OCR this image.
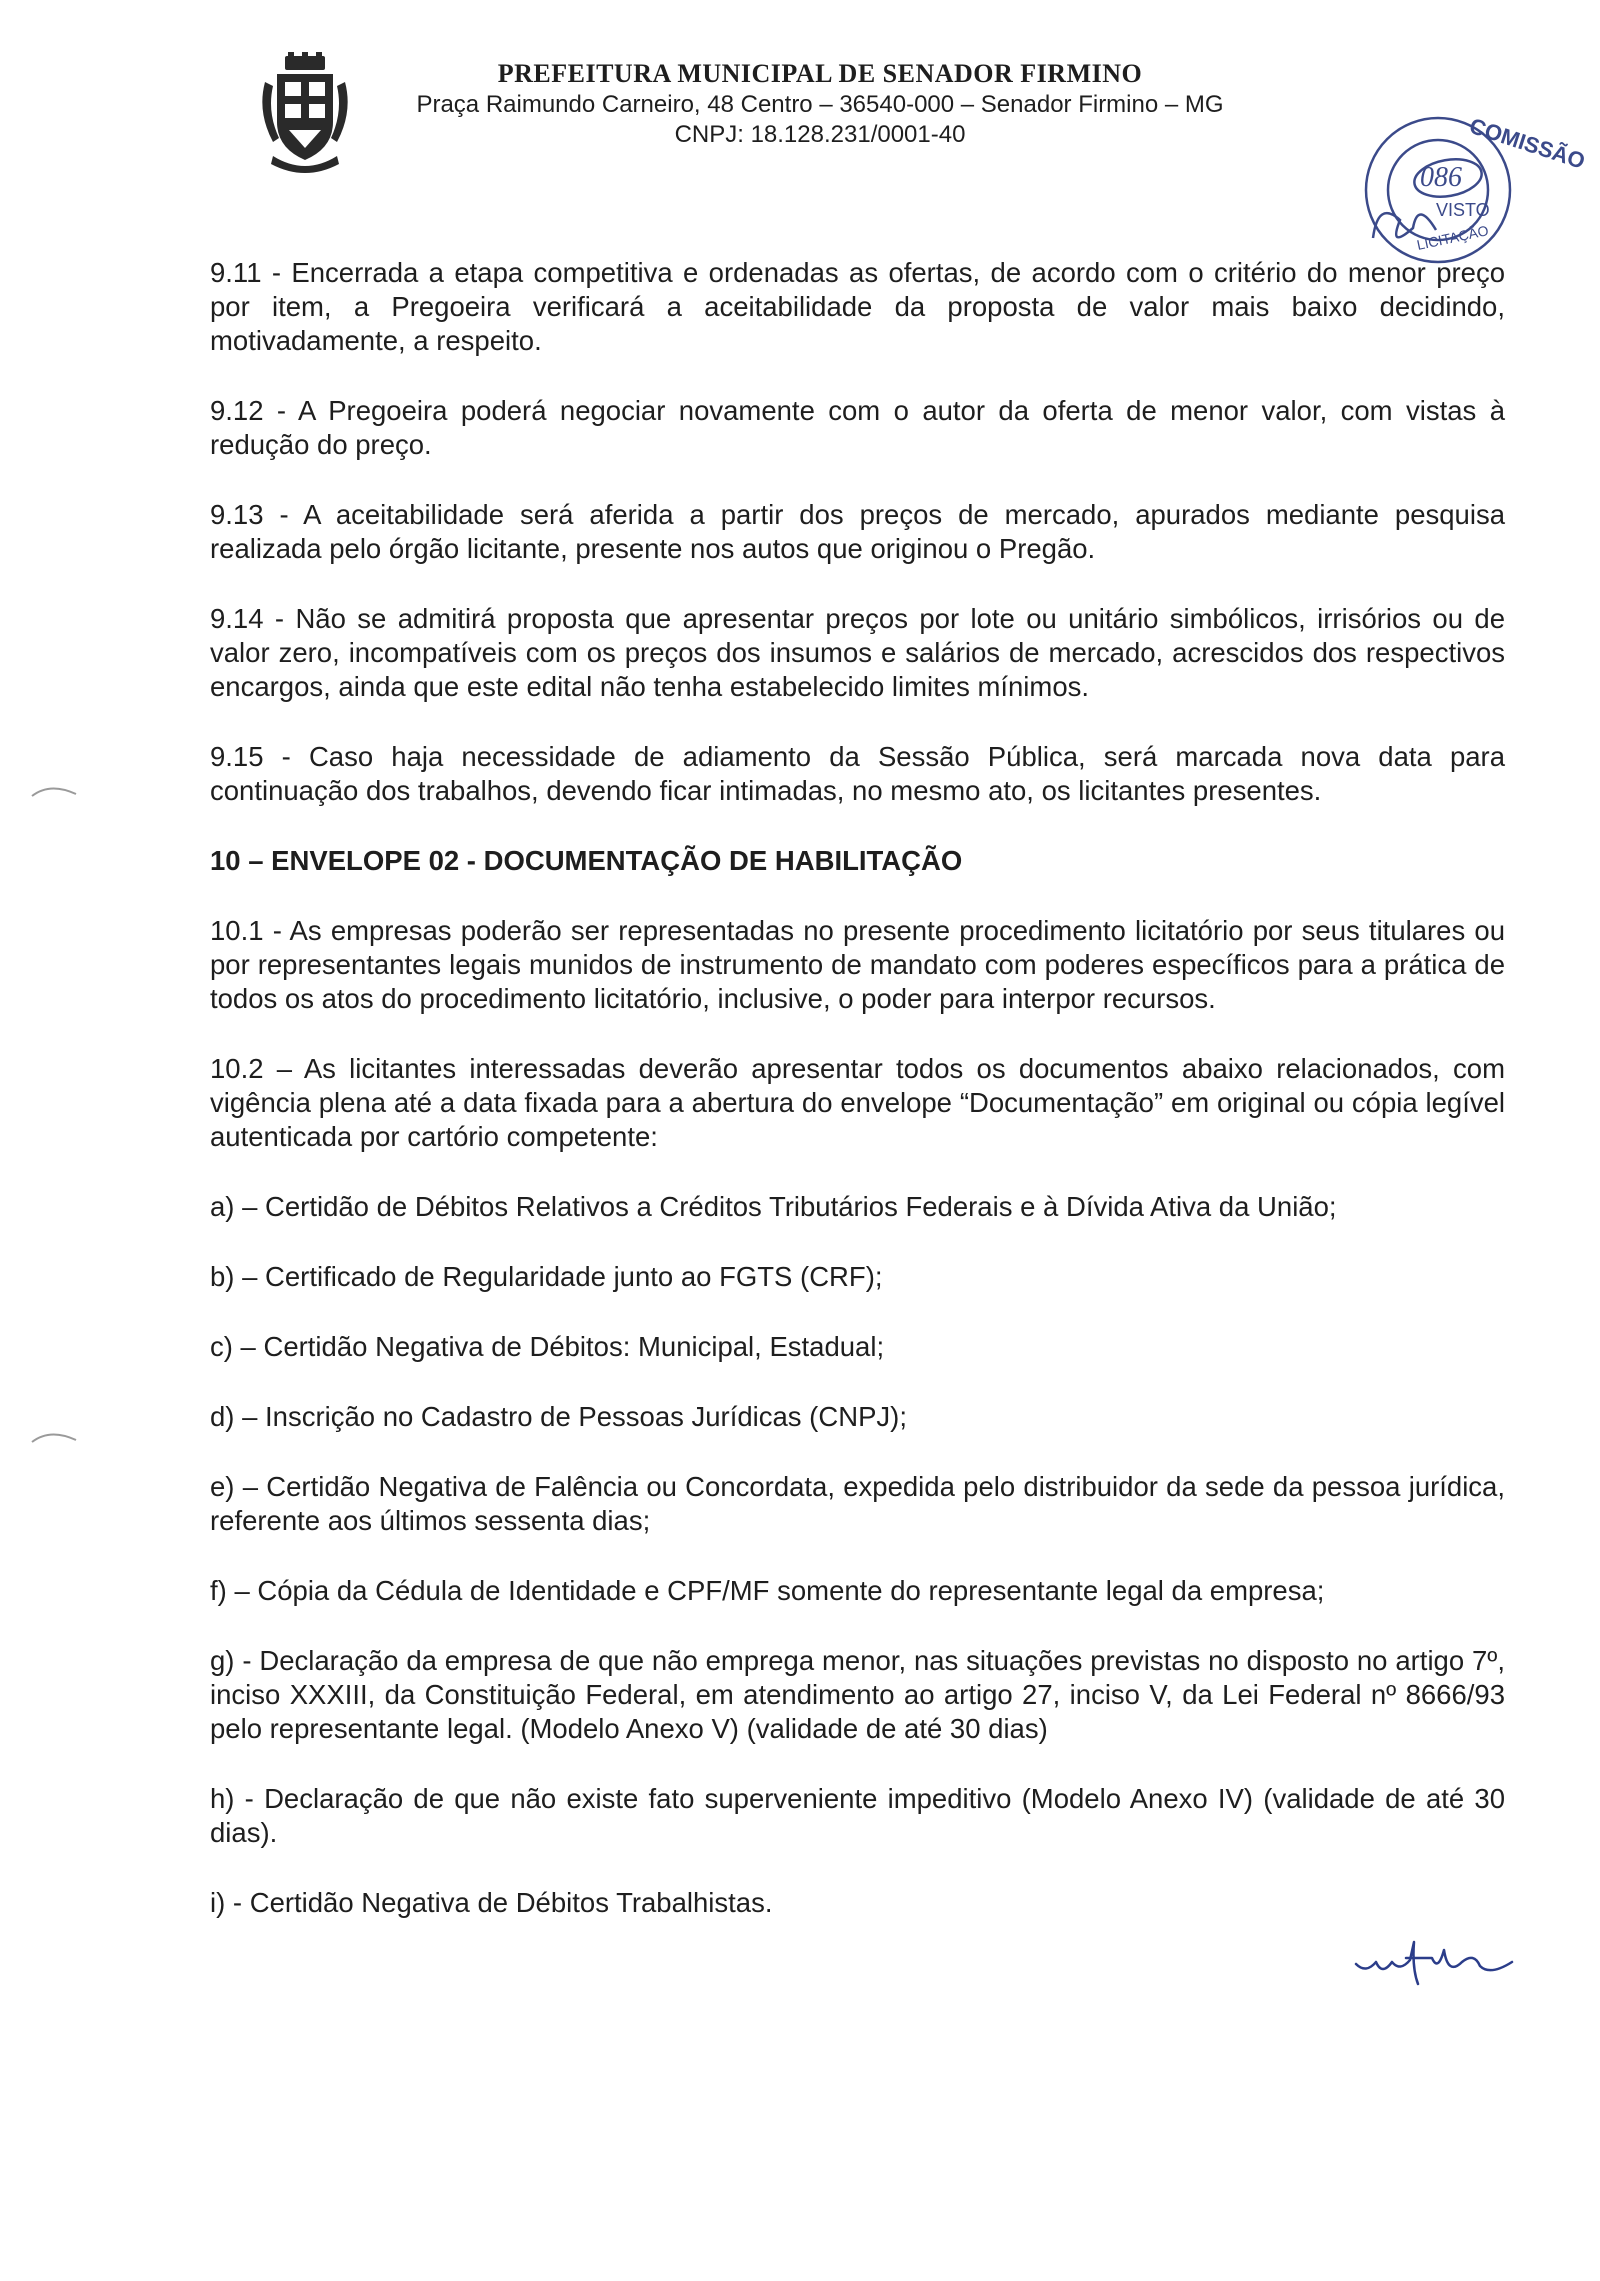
PREFEITURA MUNICIPAL DE SENADOR FIRMINO

Praça Raimundo Carneiro, 48 Centro – 36540-000 – Senador Firmino – MG

CNPJ: 18.128.231/0001-40	COMISSÃO
086
VISTO
LICITAÇÃO

9.11 - Encerrada a etapa competitiva e ordenadas as ofertas, de acordo com o critério do menor preço por item, a Pregoeira verificará a aceitabilidade da proposta de valor mais baixo decidindo, motivadamente, a respeito.

9.12 - A Pregoeira poderá negociar novamente com o autor da oferta de menor valor, com vistas à redução do preço.

9.13 - A aceitabilidade será aferida a partir dos preços de mercado, apurados mediante pesquisa realizada pelo órgão licitante, presente nos autos que originou o Pregão.

9.14 - Não se admitirá proposta que apresentar preços por lote ou unitário simbólicos, irrisórios ou de valor zero, incompatíveis com os preços dos insumos e salários de mercado, acrescidos dos respectivos encargos, ainda que este edital não tenha estabelecido limites mínimos.

9.15 - Caso haja necessidade de adiamento da Sessão Pública, será marcada nova data para continuação dos trabalhos, devendo ficar intimadas, no mesmo ato, os licitantes presentes.

10 – ENVELOPE 02 - DOCUMENTAÇÃO DE HABILITAÇÃO

10.1 - As empresas poderão ser representadas no presente procedimento licitatório por seus titulares ou por representantes legais munidos de instrumento de mandato com poderes específicos para a prática de todos os atos do procedimento licitatório, inclusive, o poder para interpor recursos.

10.2 – As licitantes interessadas deverão apresentar todos os documentos abaixo relacionados, com vigência plena até a data fixada para a abertura do envelope “Documentação” em original ou cópia legível autenticada por cartório competente:

a) – Certidão de Débitos Relativos a Créditos Tributários Federais e à Dívida Ativa da União;

b) – Certificado de Regularidade junto ao FGTS (CRF);

c) – Certidão Negativa de Débitos: Municipal, Estadual;

d) – Inscrição no Cadastro de Pessoas Jurídicas (CNPJ);

e) – Certidão Negativa de Falência ou Concordata, expedida pelo distribuidor da sede da pessoa jurídica, referente aos últimos sessenta dias;

f) – Cópia da Cédula de Identidade e CPF/MF somente do representante legal da empresa;

g) - Declaração da empresa de que não emprega menor, nas situações previstas no disposto no artigo 7º, inciso XXXIII, da Constituição Federal, em atendimento ao artigo 27, inciso V, da Lei Federal nº 8666/93 pelo representante legal. (Modelo Anexo V) (validade de até 30 dias)

h) - Declaração de que não existe fato superveniente impeditivo (Modelo Anexo IV) (validade de até 30 dias).

i) - Certidão Negativa de Débitos Trabalhistas.
